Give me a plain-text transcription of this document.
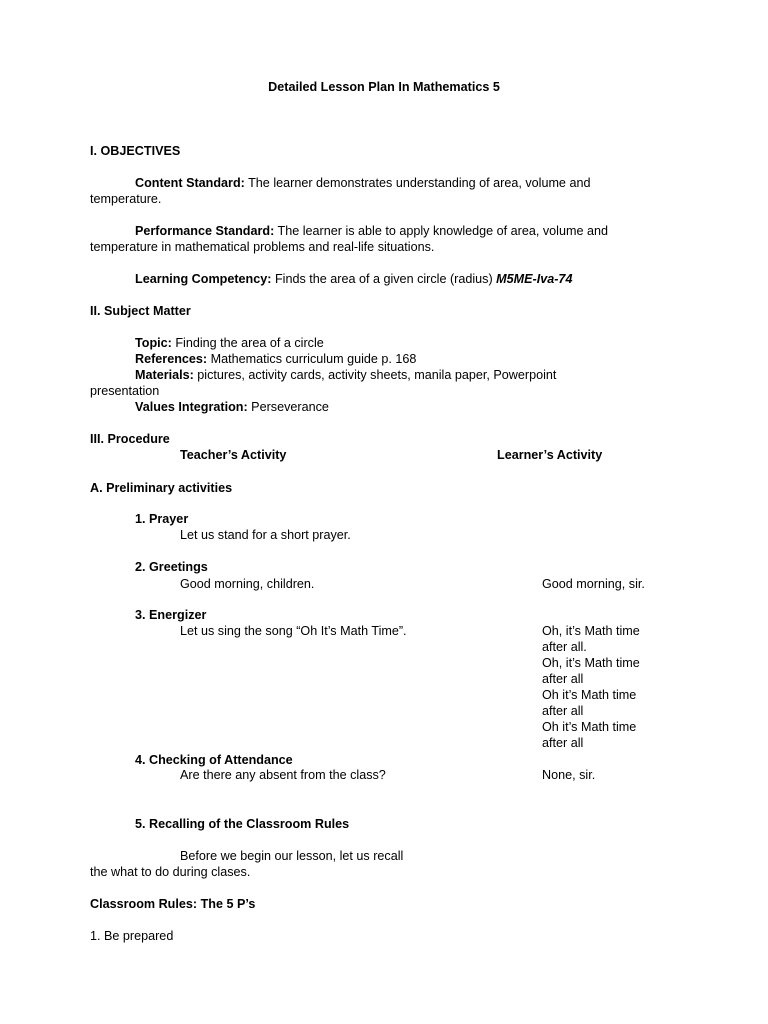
Detailed Lesson Plan In Mathematics 5
I. OBJECTIVES
Content Standard: The learner demonstrates understanding of area, volume and
temperature.
Performance Standard: The learner is able to apply knowledge of area, volume and
temperature in mathematical problems and real-life situations.
Learning Competency: Finds the area of a given circle (radius) M5ME-Iva-74
II. Subject Matter
Topic: Finding the area of a circle
References: Mathematics curriculum guide p. 168
Materials: pictures, activity cards, activity sheets, manila paper, Powerpoint
presentation
Values Integration: Perseverance
III. Procedure
Teacher’s Activity	Learner’s Activity
A. Preliminary activities
1. Prayer
Let us stand for a short prayer.
2. Greetings
Good morning, children.	Good morning, sir.
3. Energizer
Let us sing the song “Oh It’s Math Time”.	Oh, it’s Math time
after all.
Oh, it’s Math time
after all
Oh it’s Math time
after all
Oh it’s Math time
after all
4. Checking of Attendance
Are there any absent from the class?	None, sir.
5. Recalling of the Classroom Rules
Before we begin our lesson, let us recall
the what to do during clases.
Classroom Rules: The 5 P’s
1. Be prepared
